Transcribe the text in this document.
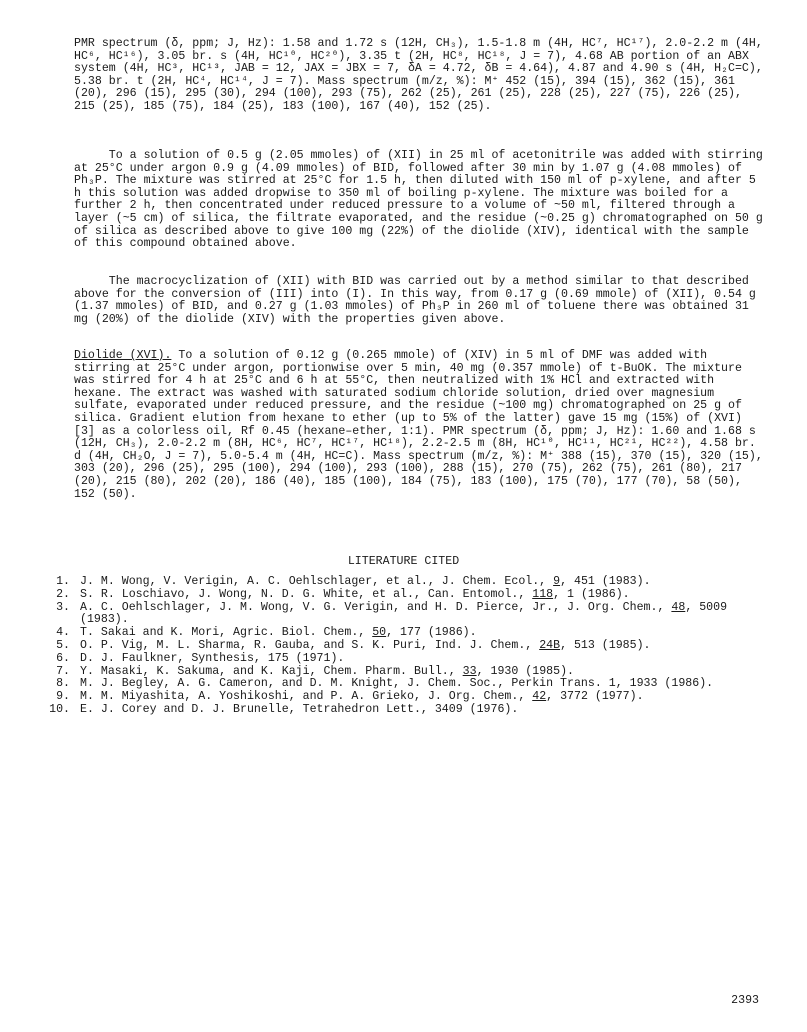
PMR spectrum (δ, ppm; J, Hz): 1.58 and 1.72 s (12H, CH₃), 1.5-1.8 m (4H, HC⁷, HC¹⁷), 2.0-2.2 m (4H, HC⁶, HC¹⁶), 3.05 br. s (4H, HC¹⁰, HC²⁰), 3.35 t (2H, HC⁸, HC¹⁸, J = 7), 4.68 AB portion of an ABX system (4H, HC³, HC¹³, JAB = 12, JAX = JBX = 7, δA = 4.72, δB = 4.64), 4.87 and 4.90 s (4H, H₂C=C), 5.38 br. t (2H, HC⁴, HC¹⁴, J = 7). Mass spectrum (m/z, %): M⁺ 452 (15), 394 (15), 362 (15), 361 (20), 296 (15), 295 (30), 294 (100), 293 (75), 262 (25), 261 (25), 228 (25), 227 (75), 226 (25), 215 (25), 185 (75), 184 (25), 183 (100), 167 (40), 152 (25).

To a solution of 0.5 g (2.05 mmoles) of (XII) in 25 ml of acetonitrile was added with stirring at 25°C under argon 0.9 g (4.09 mmoles) of BID, followed after 30 min by 1.07 g (4.08 mmoles) of Ph₃P. The mixture was stirred at 25°C for 1.5 h, then diluted with 150 ml of p-xylene, and after 5 h this solution was added dropwise to 350 ml of boiling p-xylene. The mixture was boiled for a further 2 h, then concentrated under reduced pressure to a volume of ~50 ml, filtered through a layer (~5 cm) of silica, the filtrate evaporated, and the residue (~0.25 g) chromatographed on 50 g of silica as described above to give 100 mg (22%) of the diolide (XIV), identical with the sample of this compound obtained above.

The macrocyclization of (XII) with BID was carried out by a method similar to that described above for the conversion of (III) into (I). In this way, from 0.17 g (0.69 mmole) of (XII), 0.54 g (1.37 mmoles) of BID, and 0.27 g (1.03 mmoles) of Ph₃P in 260 ml of toluene there was obtained 31 mg (20%) of the diolide (XIV) with the properties given above.

Diolide (XVI). To a solution of 0.12 g (0.265 mmole) of (XIV) in 5 ml of DMF was added with stirring at 25°C under argon, portionwise over 5 min, 40 mg (0.357 mmole) of t-BuOK. The mixture was stirred for 4 h at 25°C and 6 h at 55°C, then neutralized with 1% HCl and extracted with hexane. The extract was washed with saturated sodium chloride solution, dried over magnesium sulfate, evaporated under reduced pressure, and the residue (~100 mg) chromatographed on 25 g of silica. Gradient elution from hexane to ether (up to 5% of the latter) gave 15 mg (15%) of (XVI) [3] as a colorless oil, Rf 0.45 (hexane–ether, 1:1). PMR spectrum (δ, ppm; J, Hz): 1.60 and 1.68 s (12H, CH₃), 2.0-2.2 m (8H, HC⁶, HC⁷, HC¹⁷, HC¹⁸), 2.2-2.5 m (8H, HC¹⁰, HC¹¹, HC²¹, HC²²), 4.58 br. d (4H, CH₂O, J = 7), 5.0-5.4 m (4H, HC=C). Mass spectrum (m/z, %): M⁺ 388 (15), 370 (15), 320 (15), 303 (20), 296 (25), 295 (100), 294 (100), 293 (100), 288 (15), 270 (75), 262 (75), 261 (80), 217 (20), 215 (80), 202 (20), 186 (40), 185 (100), 184 (75), 183 (100), 175 (70), 177 (70), 58 (50), 152 (50).

LITERATURE CITED
1. J. M. Wong, V. Verigin, A. C. Oehlschlager, et al., J. Chem. Ecol., 9, 451 (1983).
2. S. R. Loschiavo, J. Wong, N. D. G. White, et al., Can. Entomol., 118, 1 (1986).
3. A. C. Oehlschlager, J. M. Wong, V. G. Verigin, and H. D. Pierce, Jr., J. Org. Chem., 48, 5009 (1983).
4. T. Sakai and K. Mori, Agric. Biol. Chem., 50, 177 (1986).
5. O. P. Vig, M. L. Sharma, R. Gauba, and S. K. Puri, Ind. J. Chem., 24B, 513 (1985).
6. D. J. Faulkner, Synthesis, 175 (1971).
7. Y. Masaki, K. Sakuma, and K. Kaji, Chem. Pharm. Bull., 33, 1930 (1985).
8. M. J. Begley, A. G. Cameron, and D. M. Knight, J. Chem. Soc., Perkin Trans. 1, 1933 (1986).
9. M. M. Miyashita, A. Yoshikoshi, and P. A. Grieko, J. Org. Chem., 42, 3772 (1977).
10. E. J. Corey and D. J. Brunelle, Tetrahedron Lett., 3409 (1976).
2393
